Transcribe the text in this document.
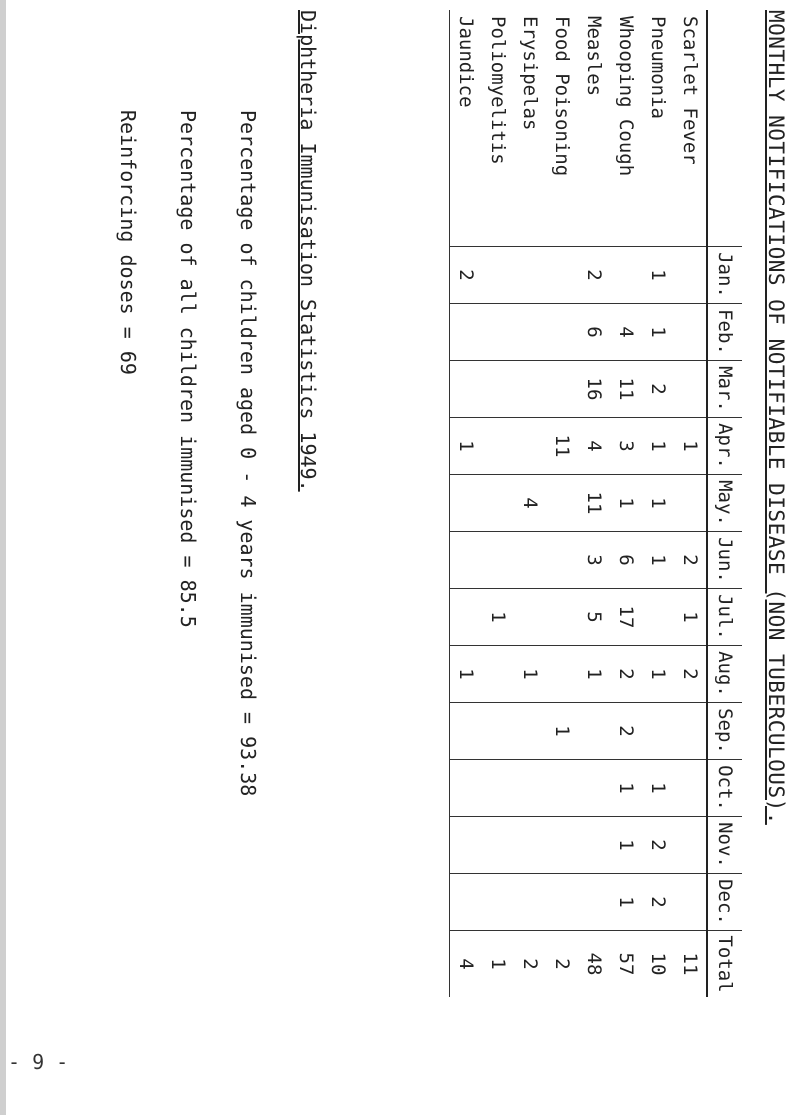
MONTHLY NOTIFICATIONS OF NOTIFIABLE DISEASE (NON TUBERCULOUS).
	Jan.	Feb.	Mar.	Apr.	May.	Jun.	Jul.	Aug.	Sep.	Oct.	Nov.	Dec.	Total
Scarlet Fever				1		2	1	2					11
Pneumonia	1	1	2	1	1	1		1		1	2	2	10
Whooping Cough		4	11	3	1	6	17	2	2	1	1	1	57
Measles	2	6	16	4	11	3	5	1					48
Food Poisoning				11					1				2
Erysipelas					4			1					2
Poliomyelitis							1						1
Jaundice	2			1				1					4
Diphtheria Immunisation Statistics 1949.
Percentage of children aged 0 - 4 years immunised = 93.38
Percentage of all children immunised = 85.5
Reinforcing doses = 69
- 9 -
